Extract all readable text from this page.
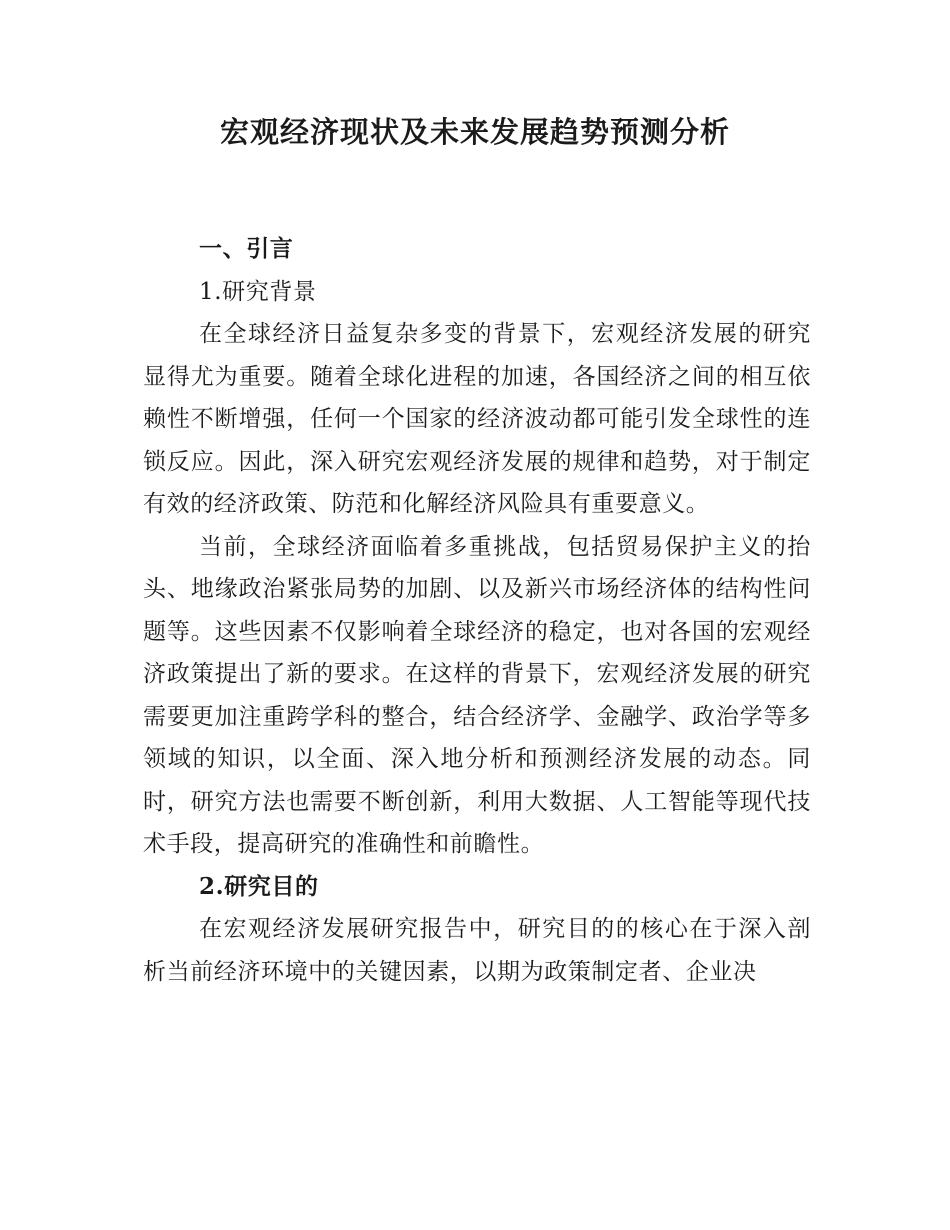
宏观经济现状及未来发展趋势预测分析
一、引言
1.研究背景

在全球经济日益复杂多变的背景下，宏观经济发展的研究显得尤为重要。随着全球化进程的加速，各国经济之间的相互依赖性不断增强，任何一个国家的经济波动都可能引发全球性的连锁反应。因此，深入研究宏观经济发展的规律和趋势，对于制定有效的经济政策、防范和化解经济风险具有重要意义。

当前，全球经济面临着多重挑战，包括贸易保护主义的抬头、地缘政治紧张局势的加剧、以及新兴市场经济体的结构性问题等。这些因素不仅影响着全球经济的稳定，也对各国的宏观经济政策提出了新的要求。在这样的背景下，宏观经济发展的研究需要更加注重跨学科的整合，结合经济学、金融学、政治学等多领域的知识，以全面、深入地分析和预测经济发展的动态。同时，研究方法也需要不断创新，利用大数据、人工智能等现代技术手段，提高研究的准确性和前瞻性。

2.研究目的

在宏观经济发展研究报告中，研究目的的核心在于深入剖析当前经济环境中的关键因素，以期为政策制定者、企业决
